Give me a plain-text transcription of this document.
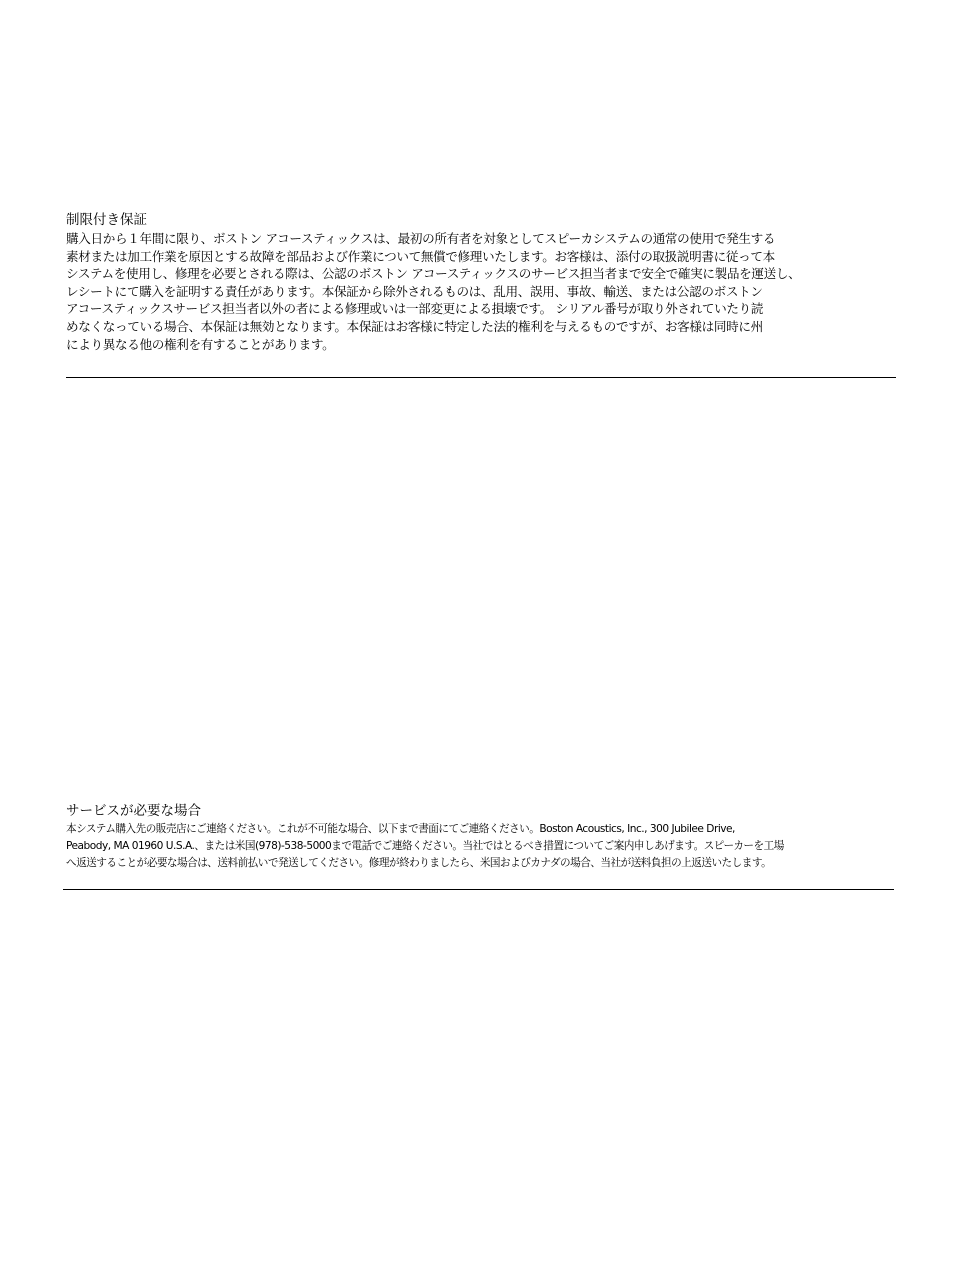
制限付き保証
購入日から１年間に限り、ボストン アコースティックスは、最初の所有者を対象としてスピーカシステムの通常の使用で発生する
素材または加工作業を原因とする故障を部品および作業について無償で修理いたします。お客様は、添付の取扱説明書に従って本
システムを使用し、修理を必要とされる際は、公認のボストン アコースティックスのサービス担当者まで安全で確実に製品を運送し、
レシートにて購入を証明する責任があります。本保証から除外されるものは、乱用、誤用、事故、輸送、または公認のボストン
アコースティックスサービス担当者以外の者による修理或いは一部変更による損壊です。 シリアル番号が取り外されていたり読
めなくなっている場合、本保証は無効となります。本保証はお客様に特定した法的権利を与えるものですが、お客様は同時に州
により異なる他の権利を有することがあります。
サービスが必要な場合
本システム購入先の販売店にご連絡ください。これが不可能な場合、以下まで書面にてご連絡ください。Boston Acoustics, Inc., 300 Jubilee Drive,
Peabody, MA 01960 U.S.A.、または米国(978)-538-5000まで電話でご連絡ください。当社ではとるべき措置についてご案内申しあげます。スピーカーを工場
へ返送することが必要な場合は、送料前払いで発送してください。修理が終わりましたら、米国およびカナダの場合、当社が送料負担の上返送いたします。
